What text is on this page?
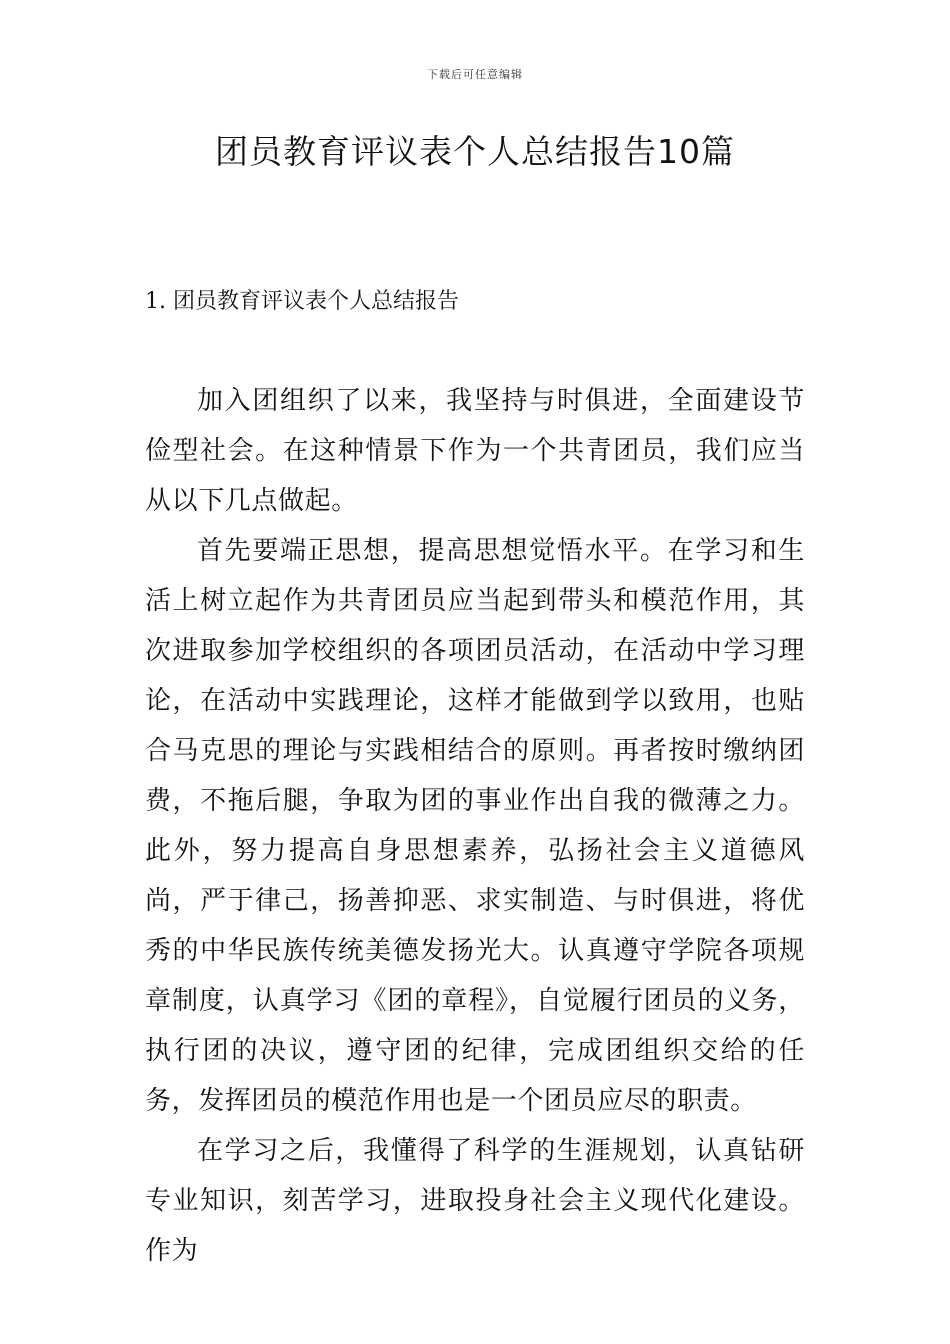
下载后可任意编辑
团员教育评议表个人总结报告10篇
1. 团员教育评议表个人总结报告

加入团组织了以来，我坚持与时俱进，全面建设节俭型社会。在这种情景下作为一个共青团员，我们应当从以下几点做起。

首先要端正思想，提高思想觉悟水平。在学习和生活上树立起作为共青团员应当起到带头和模范作用，其次进取参加学校组织的各项团员活动，在活动中学习理论，在活动中实践理论，这样才能做到学以致用，也贴合马克思的理论与实践相结合的原则。再者按时缴纳团费，不拖后腿，争取为团的事业作出自我的微薄之力。此外，努力提高自身思想素养，弘扬社会主义道德风尚，严于律己，扬善抑恶、求实制造、与时俱进，将优秀的中华民族传统美德发扬光大。认真遵守学院各项规章制度，认真学习《团的章程》，自觉履行团员的义务，执行团的决议，遵守团的纪律，完成团组织交给的任务，发挥团员的模范作用也是一个团员应尽的职责。

在学习之后，我懂得了科学的生涯规划，认真钻研专业知识，刻苦学习，进取投身社会主义现代化建设。作为
